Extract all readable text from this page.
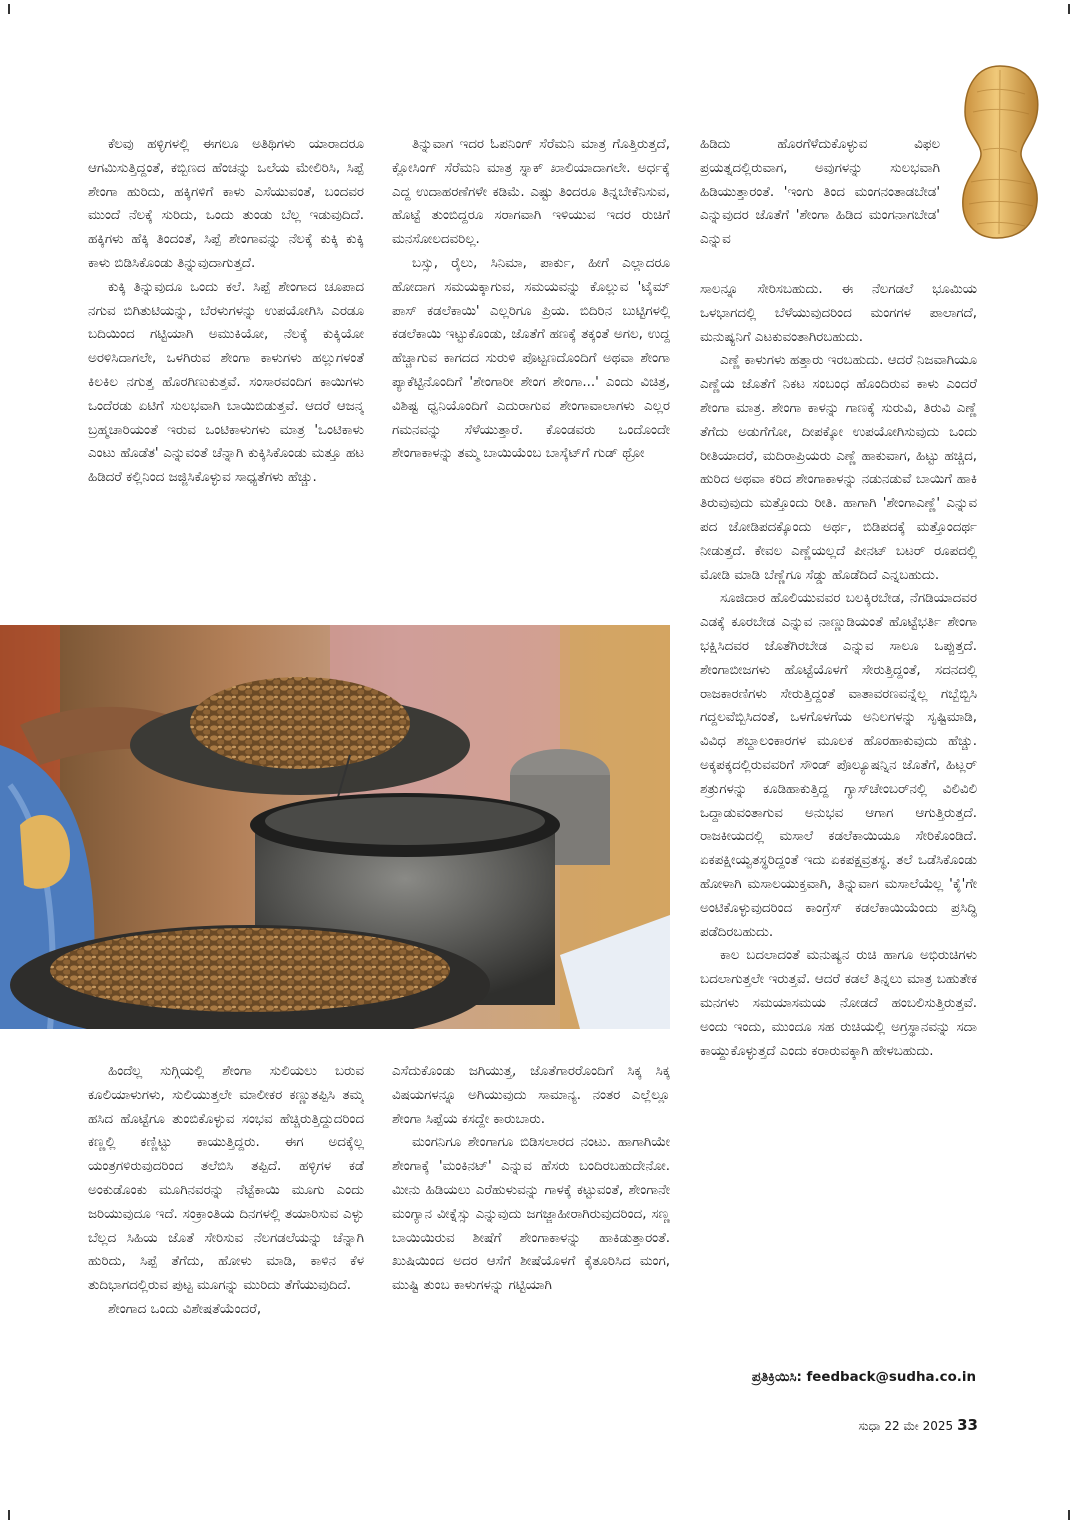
ಕೆಲವು ಹಳ್ಳಿಗಳಲ್ಲಿ ಈಗಲೂ ಅತಿಥಿಗಳು ಯಾರಾದರೂ ಆಗಮಿಸುತ್ತಿದ್ದಂತೆ, ಕಬ್ಬಿಣದ ಹೆಂಚನ್ನು ಒಲೆಯ ಮೇಲಿರಿಸಿ, ಸಿಪ್ಪೆ ಶೇಂಗಾ ಹುರಿದು, ಹಕ್ಕಿಗಳಿಗೆ ಕಾಳು ಎಸೆಯುವಂತೆ, ಬಂದವರ ಮುಂದೆ ನೆಲಕ್ಕೆ ಸುರಿದು, ಒಂದು ತುಂಡು ಬೆಲ್ಲ ಇಡುವುದಿದೆ. ಹಕ್ಕಿಗಳು ಹೆಕ್ಕಿ ತಿಂದಂತೆ, ಸಿಪ್ಪೆ ಶೇಂಗಾವನ್ನು ನೆಲಕ್ಕೆ ಕುಕ್ಕಿ ಕುಕ್ಕಿ ಕಾಳು ಬಿಡಿಸಿಕೊಂಡು ತಿನ್ನುವುದಾಗುತ್ತದೆ.

ಕುಕ್ಕಿ ತಿನ್ನುವುದೂ ಒಂದು ಕಲೆ. ಸಿಪ್ಪೆ ಶೇಂಗಾದ ಚೂಪಾದ ನಗುವ ಬಿಗಿತುಟಿಯನ್ನು, ಬೆರಳುಗಳನ್ನು ಉಪಯೋಗಿಸಿ ಎರಡೂ ಬದಿಯಿಂದ ಗಟ್ಟಿಯಾಗಿ ಅಮುಕಿಯೋ, ನೆಲಕ್ಕೆ ಕುಕ್ಕಿಯೋ ಅರಳಿಸಿದಾಗಲೇ, ಒಳಗಿರುವ ಶೇಂಗಾ ಕಾಳುಗಳು ಹಲ್ಲುಗಳಂತೆ ಕಿಲಕಿಲ ನಗುತ್ತ ಹೊರಗಿಣುಕುತ್ತವೆ. ಸಂಸಾರವಂದಿಗ ಕಾಯಿಗಳು ಒಂದೆರಡು ಏಟಿಗೆ ಸುಲಭವಾಗಿ ಬಾಯಿಬಿಡುತ್ತವೆ. ಆದರೆ ಆಜನ್ಮ ಬ್ರಹ್ಮಚಾರಿಯಂತೆ ಇರುವ ಒಂಟಿಕಾಳುಗಳು ಮಾತ್ರ 'ಒಂಟಿಕಾಳು ಎಂಟು ಹೊಡೆತ' ಎನ್ನುವಂತೆ ಚೆನ್ನಾಗಿ ಕುಕ್ಕಿಸಿಕೊಂಡು ಮತ್ತೂ ಹಟ ಹಿಡಿದರೆ ಕಲ್ಲಿನಿಂದ ಜಜ್ಜಿಸಿಕೊಳ್ಳುವ ಸಾಧ್ಯತೆಗಳು ಹೆಚ್ಚು.

ತಿನ್ನುವಾಗ ಇದರ ಓಪನಿಂಗ್ ಸೆರೆಮನಿ ಮಾತ್ರ ಗೊತ್ತಿರುತ್ತದೆ, ಕ್ಲೋಸಿಂಗ್ ಸೆರೆಮನಿ ಮಾತ್ರ ಸ್ನಾಕ್ ಖಾಲಿಯಾದಾಗಲೇ. ಅರ್ಧಕ್ಕೆ ಎದ್ದ ಉದಾಹರಣೆಗಳೇ ಕಡಿಮೆ. ಎಷ್ಟು ತಿಂದರೂ ತಿನ್ನಬೇಕೆನಿಸುವ, ಹೊಟ್ಟೆ ತುಂಬಿದ್ದರೂ ಸರಾಗವಾಗಿ ಇಳಿಯುವ ಇದರ ರುಚಿಗೆ ಮನಸೋಲದವರಿಲ್ಲ.

ಬಸ್ಸು, ರೈಲು, ಸಿನಿಮಾ, ಪಾರ್ಕು, ಹೀಗೆ ಎಲ್ಲಾದರೂ ಹೋದಾಗ ಸಮಯಕ್ಕಾಗುವ, ಸಮಯವನ್ನು ಕೊಲ್ಲುವ 'ಟೈಮ್ ಪಾಸ್ ಕಡಲೆಕಾಯಿ' ಎಲ್ಲರಿಗೂ ಪ್ರಿಯ. ಬಿದಿರಿನ ಬುಟ್ಟಿಗಳಲ್ಲಿ ಕಡಲೆಕಾಯಿ ಇಟ್ಟುಕೊಂಡು, ಜೊತೆಗೆ ಹಣಕ್ಕೆ ತಕ್ಕಂತೆ ಅಗಲ, ಉದ್ದ ಹೆಚ್ಚಾಗುವ ಕಾಗದದ ಸುರುಳಿ ಪೊಟ್ಟಣದೊಂದಿಗೆ ಅಥವಾ ಶೇಂಗಾ ಪ್ಯಾಕೆಟ್ಟಿನೊಂದಿಗೆ 'ಶೇಂಗಾರೀ ಶೇಂಗ ಶೇಂಗಾ...' ಎಂದು ವಿಚಿತ್ರ, ವಿಶಿಷ್ಟ ಧ್ವನಿಯೊಂದಿಗೆ ಎದುರಾಗುವ ಶೇಂಗಾವಾಲಾಗಳು ಎಲ್ಲರ ಗಮನವನ್ನು ಸೆಳೆಯುತ್ತಾರೆ. ಕೊಂಡವರು ಒಂದೊಂದೇ ಶೇಂಗಾಕಾಳನ್ನು ತಮ್ಮ ಬಾಯಿಯೆಂಬ ಬಾಸ್ಕೆಟ್‌ಗೆ ಗುಡ್ ಥ್ರೋ

ಹಿಡಿದು ಹೊರಗೆಳೆದುಕೊಳ್ಳುವ ವಿಫಲ ಪ್ರಯತ್ನದಲ್ಲಿರುವಾಗ, ಅವುಗಳನ್ನು ಸುಲಭವಾಗಿ ಹಿಡಿಯುತ್ತಾರಂತೆ. 'ಇಂಗು ತಿಂದ ಮಂಗನಂತಾಡಬೇಡ' ಎನ್ನುವುದರ ಜೊತೆಗೆ 'ಶೇಂಗಾ ಹಿಡಿದ ಮಂಗನಾಗಬೇಡ' ಎನ್ನುವ

ಸಾಲನ್ನೂ ಸೇರಿಸಬಹುದು. ಈ ನೆಲಗಡಲೆ ಭೂಮಿಯ ಒಳಭಾಗದಲ್ಲಿ ಬೆಳೆಯುವುದರಿಂದ ಮಂಗಗಳ ಪಾಲಾಗದೆ, ಮನುಷ್ಯನಿಗೆ ಎಟಕುವಂತಾಗಿರಬಹುದು.

ಎಣ್ಣೆ ಕಾಳುಗಳು ಹತ್ತಾರು ಇರಬಹುದು. ಆದರೆ ನಿಜವಾಗಿಯೂ ಎಣ್ಣೆಯ ಜೊತೆಗೆ ನಿಕಟ ಸಂಬಂಧ ಹೊಂದಿರುವ ಕಾಳು ಎಂದರೆ ಶೇಂಗಾ ಮಾತ್ರ. ಶೇಂಗಾ ಕಾಳನ್ನು ಗಾಣಕ್ಕೆ ಸುರುವಿ, ತಿರುವಿ ಎಣ್ಣೆ ತೆಗೆದು ಅಡುಗೆಗೋ, ದೀಪಕ್ಕೋ ಉಪಯೋಗಿಸುವುದು ಒಂದು ರೀತಿಯಾದರೆ, ಮದಿರಾಪ್ರಿಯರು ಎಣ್ಣೆ ಹಾಕುವಾಗ, ಹಿಟ್ಟು ಹಚ್ಚಿದ, ಹುರಿದ ಅಥವಾ ಕರಿದ ಶೇಂಗಾಕಾಳನ್ನು ನಡುನಡುವೆ ಬಾಯಿಗೆ ಹಾಕಿ ತಿರುವುವುದು ಮತ್ತೊಂದು ರೀತಿ. ಹಾಗಾಗಿ 'ಶೇಂಗಾಎಣ್ಣೆ' ಎನ್ನುವ ಪದ ಜೋಡಿಪದಕ್ಕೊಂದು ಅರ್ಥ, ಬಿಡಿಪದಕ್ಕೆ ಮತ್ತೊಂದರ್ಥ ನೀಡುತ್ತದೆ. ಕೇವಲ ಎಣ್ಣೆಯಲ್ಲದೆ ಪೀನಟ್ ಬಟರ್ ರೂಪದಲ್ಲಿ ಮೋಡಿ ಮಾಡಿ ಬೆಣ್ಣೆಗೂ ಸೆಡ್ಡು ಹೊಡೆದಿದೆ ಎನ್ನಬಹುದು.

ಸೂಜಿದಾರ ಹೊಲಿಯುವವರ ಬಲಕ್ಕಿರಬೇಡ, ನೆಗಡಿಯಾದವರ ಎಡಕ್ಕೆ ಕೂರಬೇಡ ಎನ್ನುವ ನಾಣ್ಣುಡಿಯಂತೆ ಹೊಟ್ಟೆಭರ್ತಿ ಶೇಂಗಾ ಭಕ್ಷಿಸಿದವರ ಜೊತೆಗಿರಬೇಡ ಎನ್ನುವ ಸಾಲೂ ಒಪ್ಪುತ್ತದೆ. ಶೇಂಗಾಬೀಜಗಳು ಹೊಟ್ಟೆಯೊಳಗೆ ಸೇರುತ್ತಿದ್ದಂತೆ, ಸದನದಲ್ಲಿ ರಾಜಕಾರಣಿಗಳು ಸೇರುತ್ತಿದ್ದಂತೆ ವಾತಾವರಣವನ್ನೆಲ್ಲ ಗಬ್ಬೆಬ್ಬಿಸಿ ಗದ್ದಲವೆಬ್ಬಿಸಿದಂತೆ, ಒಳಗೊಳಗೆಯ ಅನಿಲಗಳನ್ನು ಸೃಷ್ಟಿಮಾಡಿ, ವಿವಿಧ ಶಬ್ದಾಲಂಕಾರಗಳ ಮೂಲಕ ಹೊರಹಾಕುವುದು ಹೆಚ್ಚು. ಅಕ್ಕಪಕ್ಕದಲ್ಲಿರುವವರಿಗೆ ಸೌಂಡ್ ಪೊಲ್ಯೂಷನ್ನಿನ ಜೊತೆಗೆ, ಹಿಟ್ಲರ್ ಶತ್ರುಗಳನ್ನು ಕೂಡಿಹಾಕುತ್ತಿದ್ದ ಗ್ಯಾಸ್‌ಚೇಂಬರ್‌ನಲ್ಲಿ ವಿಲಿವಿಲಿ ಒದ್ದಾಡುವಂತಾಗುವ ಅನುಭವ ಆಗಾಗ ಆಗುತ್ತಿರುತ್ತದೆ. ರಾಜಕೀಯದಲ್ಲಿ ಮಸಾಲೆ ಕಡಲೆಕಾಯಿಯೂ ಸೇರಿಕೊಂಡಿದೆ. ಏಕಪಕ್ಷೀಯ್ವತಸ್ಥರಿದ್ದಂತೆ ಇದು ಏಕಪಕ್ಷವ್ರತಸ್ಥ. ತಲೆ ಒಡೆಸಿಕೊಂಡು ಹೋಳಾಗಿ ಮಸಾಲಯುಕ್ತವಾಗಿ, ತಿನ್ನುವಾಗ ಮಸಾಲೆಯೆಲ್ಲ 'ಕೈ'ಗೇ ಅಂಟಿಕೊಳ್ಳುವುದರಿಂದ ಕಾಂಗ್ರೆಸ್ ಕಡಲೆಕಾಯಿಯೆಂದು ಪ್ರಸಿದ್ಧಿ ಪಡೆದಿರಬಹುದು.

ಕಾಲ ಬದಲಾದಂತೆ ಮನುಷ್ಯನ ರುಚಿ ಹಾಗೂ ಅಭಿರುಚಿಗಳು ಬದಲಾಗುತ್ತಲೇ ಇರುತ್ತವೆ. ಆದರೆ ಕಡಲೆ ತಿನ್ನಲು ಮಾತ್ರ ಬಹುತೇಕ ಮನಗಳು ಸಮಯಾಸಮಯ ನೋಡದೆ ಹಂಬಲಿಸುತ್ತಿರುತ್ತವೆ. ಅಂದು ಇಂದು, ಮುಂದೂ ಸಹ ರುಚಿಯಲ್ಲಿ ಅಗ್ರಸ್ಥಾನವನ್ನು ಸದಾ ಕಾಯ್ದುಕೊಳ್ಳುತ್ತದೆ ಎಂದು ಕರಾರುವಕ್ಕಾಗಿ ಹೇಳಬಹುದು.

ಪ್ರತಿಕ್ರಿಯಿಸಿ: feedback@sudha.co.in

ಹಿಂದೆಲ್ಲ ಸುಗ್ಗಿಯಲ್ಲಿ ಶೇಂಗಾ ಸುಲಿಯಲು ಬರುವ ಕೂಲಿಯಾಳುಗಳು, ಸುಲಿಯುತ್ತಲೇ ಮಾಲೀಕರ ಕಣ್ಣುತಪ್ಪಿಸಿ ತಮ್ಮ ಹಸಿದ ಹೊಟ್ಟೆಗೂ ತುಂಬಿಕೊಳ್ಳುವ ಸಂಭವ ಹೆಚ್ಚಿರುತ್ತಿದ್ದುದರಿಂದ ಕಣ್ಣಲ್ಲಿ ಕಣ್ಣಿಟ್ಟು ಕಾಯುತ್ತಿದ್ದರು. ಈಗ ಅದಕ್ಕೆಲ್ಲ ಯಂತ್ರಗಳಿರುವುದರಿಂದ ತಲೆಬಿಸಿ ತಪ್ಪಿದೆ. ಹಳ್ಳಿಗಳ ಕಡೆ ಅಂಕುಡೊಂಕು ಮೂಗಿನವರನ್ನು ನೆಟ್ಟೆಕಾಯಿ ಮೂಗು ಎಂದು ಜರಿಯುವುದೂ ಇದೆ. ಸಂಕ್ರಾಂತಿಯ ದಿನಗಳಲ್ಲಿ ತಯಾರಿಸುವ ಎಳ್ಳು ಬೆಲ್ಲದ ಸಿಹಿಯ ಜೊತೆ ಸೇರಿಸುವ ನೆಲಗಡಲೆಯನ್ನು ಚೆನ್ನಾಗಿ ಹುರಿದು, ಸಿಪ್ಪೆ ತೆಗೆದು, ಹೋಳು ಮಾಡಿ, ಕಾಳಿನ ಕೆಳ ತುದಿಭಾಗದಲ್ಲಿರುವ ಪುಟ್ಟ ಮೂಗನ್ನು ಮುರಿದು ತೆಗೆಯುವುದಿದೆ.

ಶೇಂಗಾದ ಒಂದು ವಿಶೇಷತೆಯೆಂದರೆ,

ಎಸೆದುಕೊಂಡು ಜಗಿಯುತ್ತ, ಜೊತೆಗಾರರೊಂದಿಗೆ ಸಿಕ್ಕ ಸಿಕ್ಕ ವಿಷಯಗಳನ್ನೂ ಅಗಿಯುವುದು ಸಾಮಾನ್ಯ. ನಂತರ ಎಲ್ಲೆಲ್ಲೂ ಶೇಂಗಾ ಸಿಪ್ಪೆಯ ಕಸದ್ದೇ ಕಾರುಬಾರು.

ಮಂಗನಿಗೂ ಶೇಂಗಾಗೂ ಬಿಡಿಸಲಾರದ ನಂಟು. ಹಾಗಾಗಿಯೇ ಶೇಂಗಾಕ್ಕೆ 'ಮಂಕಿನಟ್' ಎನ್ನುವ ಹೆಸರು ಬಂದಿರಬಹುದೇನೋ. ಮೀನು ಹಿಡಿಯಲು ಎರೆಹುಳುವನ್ನು ಗಾಳಕ್ಕೆ ಕಟ್ಟುವಂತೆ, ಶೇಂಗಾನೇ ಮಂಗ್ಯಾನ ವೀಕ್ನೆಸ್ಸು ಎನ್ನುವುದು ಜಗಜ್ಜಾಹೀರಾಗಿರುವುದರಿಂದ, ಸಣ್ಣ ಬಾಯಿಯಿರುವ ಶೀಷೆಗೆ ಶೇಂಗಾಕಾಳನ್ನು ಹಾಕಿಡುತ್ತಾರಂತೆ. ಖುಷಿಯಿಂದ ಅದರ ಆಸೆಗೆ ಶೀಷೆಯೊಳಗೆ ಕೈತೂರಿಸಿದ ಮಂಗ, ಮುಷ್ಟಿ ತುಂಬ ಕಾಳುಗಳನ್ನು ಗಟ್ಟಿಯಾಗಿ

ಸುಧಾ 22 ಮೇ 2025 33
